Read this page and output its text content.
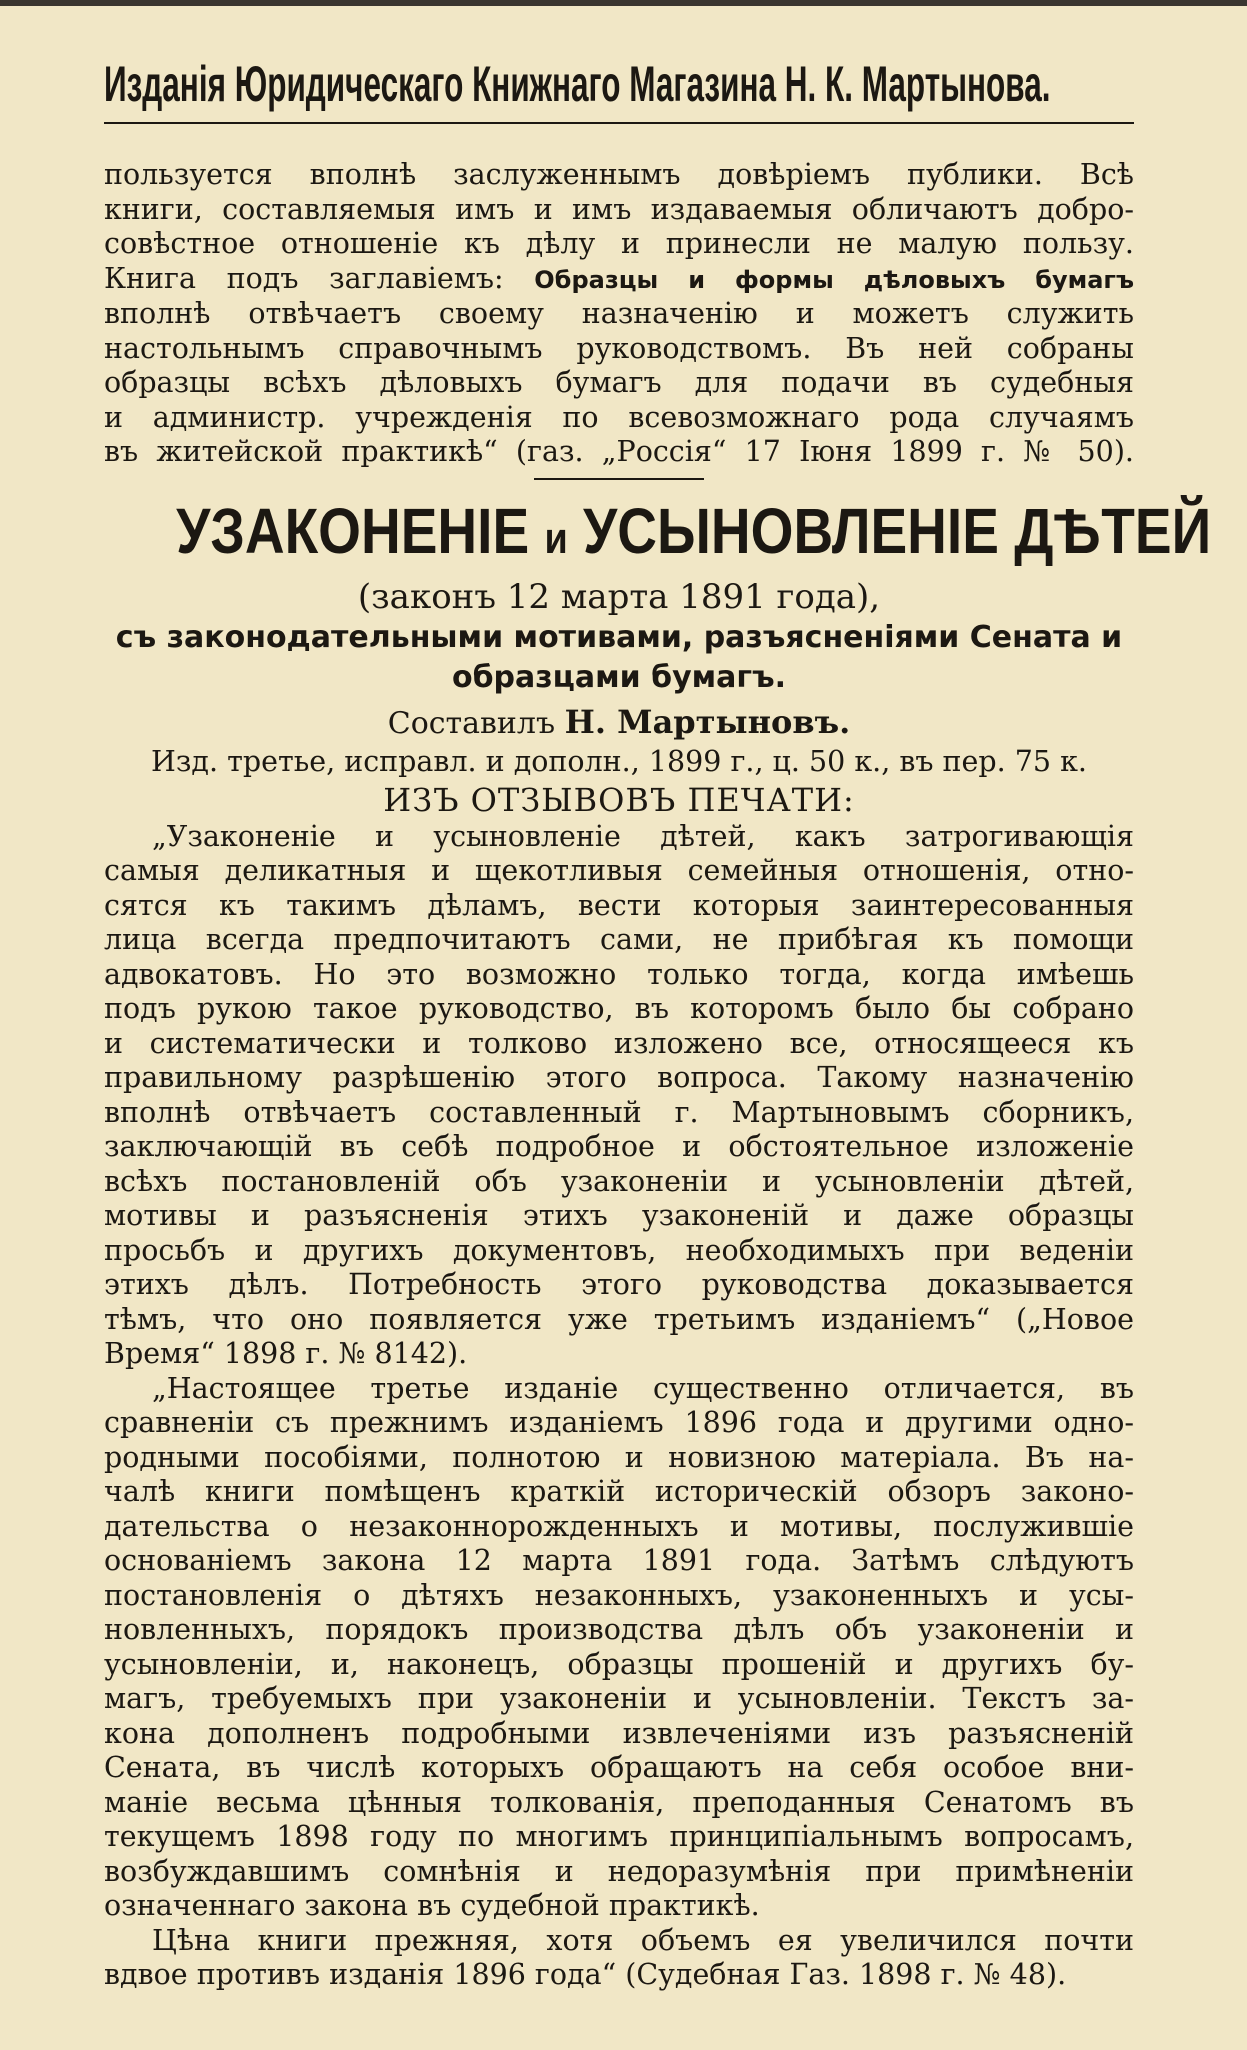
Изданія Юридическаго Книжнаго Магазина Н. К. Мартынова.
пользуется вполнѣ заслуженнымъ довѣріемъ публики. Всѣ
книги, составляемыя имъ и имъ издаваемыя обличаютъ добро-
совѣстное отношеніе къ дѣлу и принесли не малую пользу.
Книга подъ заглавіемъ: Образцы и формы дѣловыхъ бумагъ
вполнѣ отвѣчаетъ своему назначенію и можетъ служить
настольнымъ справочнымъ руководствомъ. Въ ней собраны
образцы всѣхъ дѣловыхъ бумагъ для подачи въ судебныя
и администр. учрежденія по всевозможнаго рода случаямъ
въ житейской практикѣ“ (газ. „Россія“ 17 Іюня 1899 г. № 50).
УЗАКОНЕНІЕ и УСЫНОВЛЕНІЕ ДѢТЕЙ
(законъ 12 марта 1891 года),
съ законодательными мотивами, разъясненіями Сената и
образцами бумагъ.
Составилъ Н. Мартыновъ.
Изд. третье, исправл. и дополн., 1899 г., ц. 50 к., въ пер. 75 к.
ИЗЪ ОТЗЫВОВЪ ПЕЧАТИ:
„Узаконеніе и усыновленіе дѣтей, какъ затрогивающія
самыя деликатныя и щекотливыя семейныя отношенія, отно-
сятся къ такимъ дѣламъ, вести которыя заинтересованныя
лица всегда предпочитаютъ сами, не прибѣгая къ помощи
адвокатовъ. Но это возможно только тогда, когда имѣешь
подъ рукою такое руководство, въ которомъ было бы собрано
и систематически и толково изложено все, относящееся къ
правильному разрѣшенію этого вопроса. Такому назначенію
вполнѣ отвѣчаетъ составленный г. Мартыновымъ сборникъ,
заключающій въ себѣ подробное и обстоятельное изложеніе
всѣхъ постановленій объ узаконеніи и усыновленіи дѣтей,
мотивы и разъясненія этихъ узаконеній и даже образцы
просьбъ и другихъ документовъ, необходимыхъ при веденіи
этихъ дѣлъ. Потребность этого руководства доказывается
тѣмъ, что оно появляется уже третьимъ изданіемъ“ („Новое
Время“ 1898 г. № 8142).
„Настоящее третье изданіе существенно отличается, въ
сравненіи съ прежнимъ изданіемъ 1896 года и другими одно-
родными пособіями, полнотою и новизною матеріала. Въ на-
чалѣ книги помѣщенъ краткій историческій обзоръ законо-
дательства о незаконнорожденныхъ и мотивы, послужившіе
основаніемъ закона 12 марта 1891 года. Затѣмъ слѣдуютъ
постановленія о дѣтяхъ незаконныхъ, узаконенныхъ и усы-
новленныхъ, порядокъ производства дѣлъ объ узаконеніи и
усыновленіи, и, наконецъ, образцы прошеній и другихъ бу-
магъ, требуемыхъ при узаконеніи и усыновленіи. Текстъ за-
кона дополненъ подробными извлеченіями изъ разъясненій
Сената, въ числѣ которыхъ обращаютъ на себя особое вни-
маніе весьма цѣнныя толкованія, преподанныя Сенатомъ въ
текущемъ 1898 году по многимъ принципіальнымъ вопросамъ,
возбуждавшимъ сомнѣнія и недоразумѣнія при примѣненіи
означеннаго закона въ судебной практикѣ.
Цѣна книги прежняя, хотя объемъ ея увеличился почти
вдвое противъ изданія 1896 года“ (Судебная Газ. 1898 г. № 48).
